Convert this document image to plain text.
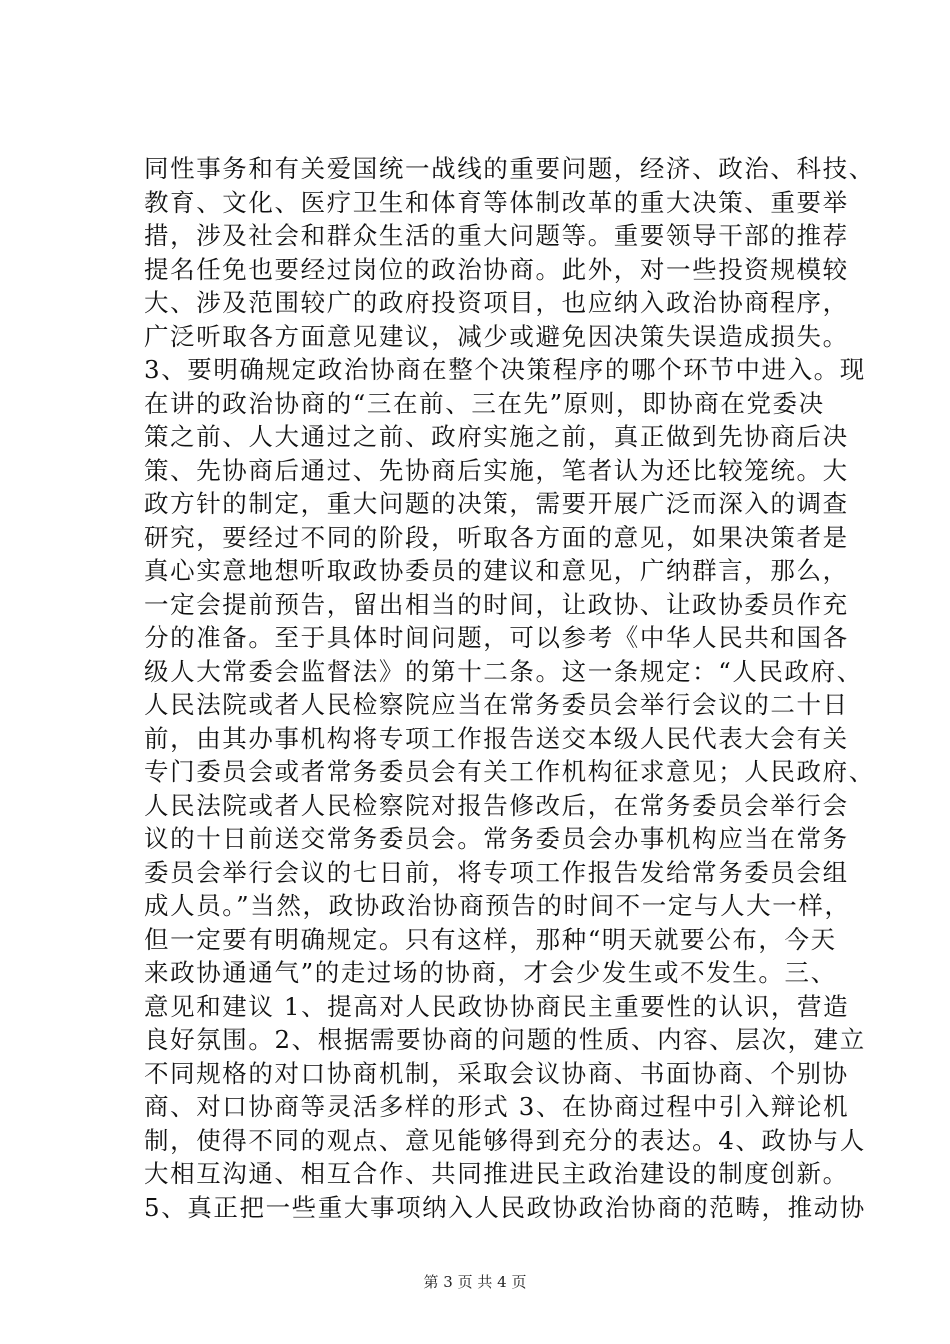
同性事务和有关爱国统一战线的重要问题，经济、政治、科技、
教育、文化、医疗卫生和体育等体制改革的重大决策、重要举
措，涉及社会和群众生活的重大问题等。重要领导干部的推荐
提名任免也要经过岗位的政治协商。此外，对一些投资规模较
大、涉及范围较广的政府投资项目，也应纳入政治协商程序，
广泛听取各方面意见建议，减少或避免因决策失误造成损失。
3、要明确规定政治协商在整个决策程序的哪个环节中进入。现
在讲的政治协商的“三在前、三在先”原则，即协商在党委决
策之前、人大通过之前、政府实施之前，真正做到先协商后决
策、先协商后通过、先协商后实施，笔者认为还比较笼统。大
政方针的制定，重大问题的决策，需要开展广泛而深入的调查
研究，要经过不同的阶段，听取各方面的意见，如果决策者是
真心实意地想听取政协委员的建议和意见，广纳群言，那么，
一定会提前预告，留出相当的时间，让政协、让政协委员作充
分的准备。至于具体时间问题，可以参考《中华人民共和国各
级人大常委会监督法》的第十二条。这一条规定：“人民政府、
人民法院或者人民检察院应当在常务委员会举行会议的二十日
前，由其办事机构将专项工作报告送交本级人民代表大会有关
专门委员会或者常务委员会有关工作机构征求意见；人民政府、
人民法院或者人民检察院对报告修改后，在常务委员会举行会
议的十日前送交常务委员会。常务委员会办事机构应当在常务
委员会举行会议的七日前，将专项工作报告发给常务委员会组
成人员。”当然，政协政治协商预告的时间不一定与人大一样，
但一定要有明确规定。只有这样，那种“明天就要公布，今天
来政协通通气”的走过场的协商，才会少发生或不发生。三、
意见和建议 1、提高对人民政协协商民主重要性的认识，营造
良好氛围。2、根据需要协商的问题的性质、内容、层次，建立
不同规格的对口协商机制，采取会议协商、书面协商、个别协
商、对口协商等灵活多样的形式 3、在协商过程中引入辩论机
制，使得不同的观点、意见能够得到充分的表达。4、政协与人
大相互沟通、相互合作、共同推进民主政治建设的制度创新。
5、真正把一些重大事项纳入人民政协政治协商的范畴，推动协
第 3 页 共 4 页
